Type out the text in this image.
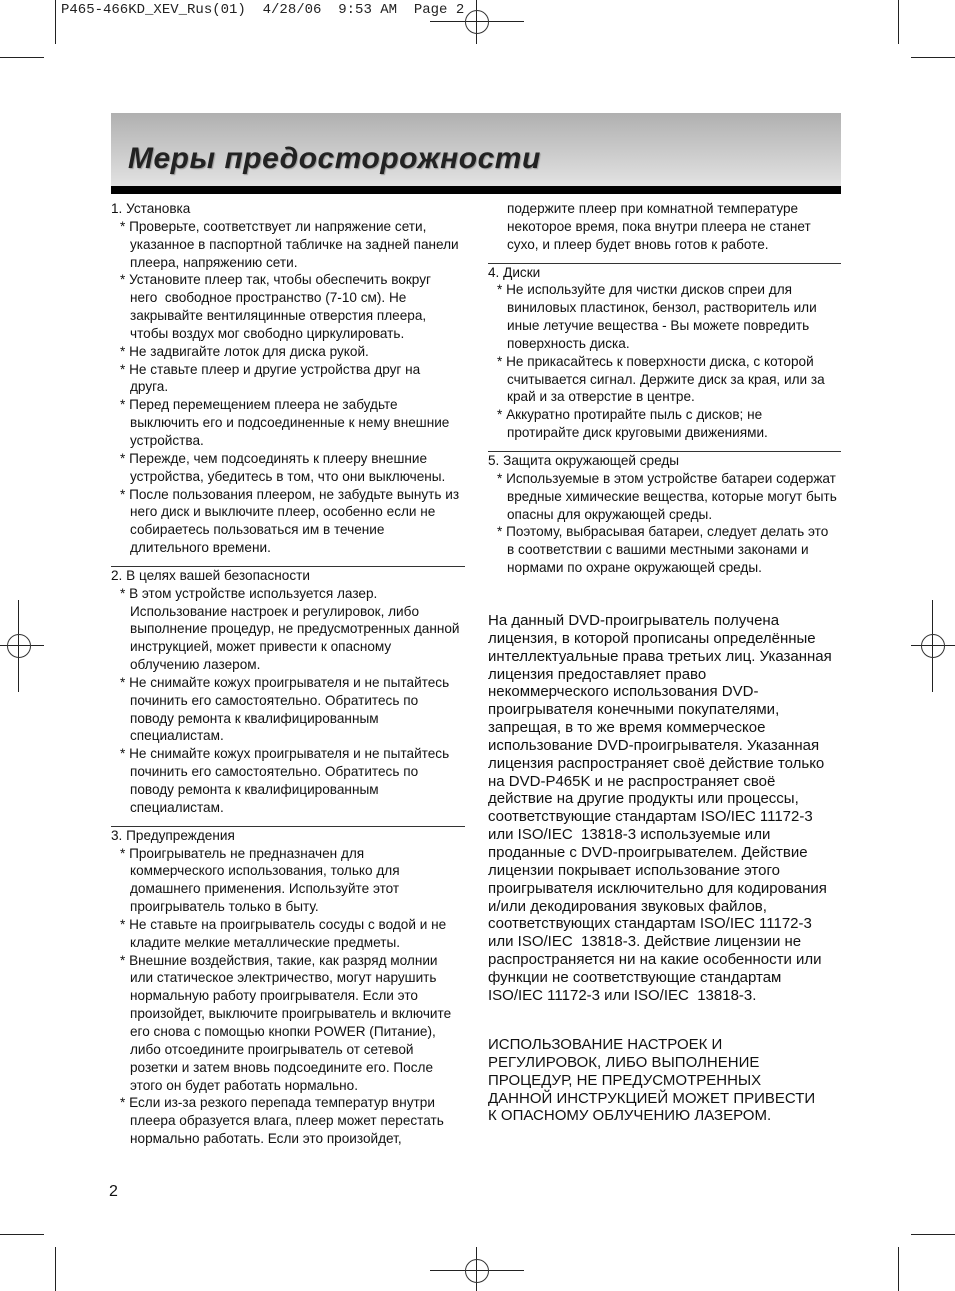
P465-466KD_XEV_Rus(01)  4/28/06  9:53 AM  Page 2
Меры предосторожности
1. Установка
* Проверьте, соответствует ли напряжение сети,
указанное в паспортной табличке на задней панели
плеера, напряжению сети.
* Установите плеер так, чтобы обеспечить вокруг
него  свободное пространство (7-10 см). Не
закрывайте вентиляцинные отверстия плеера,
чтобы воздух мог свободно циркулировать.
* Не задвигайте лоток для диска рукой.
* Не ставьте плеер и другие устройства друг на
друга.
* Перед перемещением плеера не забудьте
выключить его и подсоединенные к нему внешние
устройства.
* Пережде, чем подсоединять к плееру внешние
устройства, убедитесь в том, что они выключены.
* После пользования плеером, не забудьте вынуть из
него диск и выключите плеер, особенно если не
собираетесь пользоваться им в течение
длительного времени.
2. В целях вашей безопасности
* В этом устройстве используется лазер.
Использование настроек и регулировок, либо
выполнение процедур, не предусмотренных данной
инструкцией, может привести к опасному
облучению лазером.
* Не снимайте кожух проигрывателя и не пытайтесь
починить его самостоятельно. Обратитесь по
поводу ремонта к квалифицированным
специалистам.
* Не снимайте кожух проигрывателя и не пытайтесь
починить его самостоятельно. Обратитесь по
поводу ремонта к квалифицированным
специалистам.
3. Предупреждения
* Проигрыватель не предназначен для
коммерческого использования, только для
домашнего применения. Используйте этот
проигрыватель только в быту.
* Не ставьте на проигрыватель сосуды с водой и не
кладите мелкие металлические предметы.
* Внешние воздействия, такие, как разряд молнии
или статическое электричество, могут нарушить
нормальную работу проигрывателя. Если это
произойдет, выключите проигрыватель и включите
его снова с помощью кнопки POWER (Питание),
либо отсоедините проигрыватель от сетевой
розетки и затем вновь подсоедините его. После
этого он будет работать нормально.
* Если из-за резкого перепада температур внутри
плеера образуется влага, плеер может перестать
нормально работать. Если это произойдет,
подержите плеер при комнатной температуре
некоторое время, пока внутри плеера не станет
сухо, и плеер будет вновь готов к работе.
4. Диски
* Не используйте для чистки дисков спреи для
виниловых пластинок, бензол, растворитель или
иные летучие вещества - Вы можете повредить
поверхность диска.
* Не прикасайтесь к поверхности диска, с которой
считывается сигнал. Держите диск за края, или за
край и за отверстие в центре.
* Аккуратно протирайте пыль с дисков; не
протирайте диск круговыми движениями.
5. Защита окружающей среды
* Используемые в этом устройстве батареи содержат
вредные химические вещества, которые могут быть
опасны для окружающей среды.
* Поэтому, выбрасывая батареи, следует делать это
в соответствии с вашими местными законами и
нормами по охране окружающей среды.
На данный DVD-проигрыватель получена
лицензия, в которой прописаны определённые
интеллектуальные права третьих лиц. Указанная
лицензия предоставляет право
некоммерческого использования DVD-
проигрывателя конечными покупателями,
запрещая, в то же время коммерческое
использование DVD-проигрывателя. Указанная
лицензия распространяет своё действие только
на DVD-P465K и не распространяет своё
действие на другие продукты или процессы,
соответствующие стандартам ISO/IEC 11172-3
или ISO/IEC  13818-3 используемые или
проданные с DVD-проигрывателем. Действие
лицензии покрывает использование этого
проигрывателя исключительно для кодирования
и/или декодирования звуковых файлов,
соответствующих стандартам ISO/IEC 11172-3
или ISO/IEC  13818-3. Действие лицензии не
распространяется ни на какие особенности или
функции не соответствующие стандартам
ISO/IEC 11172-3 или ISO/IEC  13818-3.
ИСПОЛЬЗОВАНИЕ НАСТРОЕК И
РЕГУЛИРОВОК, ЛИБО ВЫПОЛНЕНИЕ
ПРОЦЕДУР, НЕ ПРЕДУСМОТРЕННЫХ
ДАННОЙ ИНСТРУКЦИЕЙ МОЖЕТ ПРИВЕСТИ
К ОПАСНОМУ ОБЛУЧЕНИЮ ЛАЗЕРОМ.
2
